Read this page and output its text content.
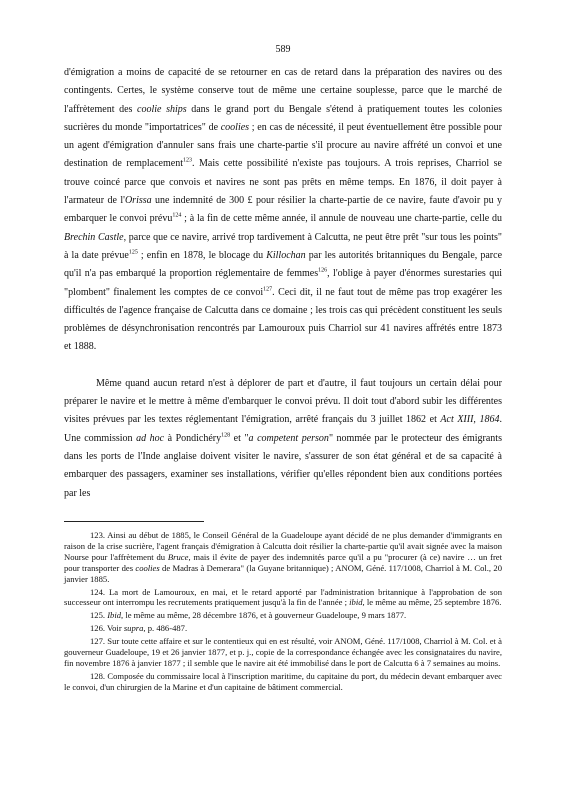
589

d'émigration a moins de capacité de se retourner en cas de retard dans la préparation des navires ou des contingents. Certes, le système conserve tout de même une certaine souplesse, parce que le marché de l'affrètement des coolie ships dans le grand port du Bengale s'étend à pratiquement toutes les colonies sucrières du monde "importatrices" de coolies ; en cas de nécessité, il peut éventuellement être possible pour un agent d'émigration d'annuler sans frais une charte-partie s'il procure au navire affrété un convoi et une destination de remplacement$^{123}$. Mais cette possibilité n'existe pas toujours. A trois reprises, Charriol se trouve coincé parce que convois et navires ne sont pas prêts en même temps. En 1876, il doit payer à l'armateur de l'Orissa une indemnité de 300 £ pour résilier la charte-partie de ce navire, faute d'avoir pu y embarquer le convoi prévu$^{124}$ ; à la fin de cette même année, il annule de nouveau une charte-partie, celle du Brechin Castle, parce que ce navire, arrivé trop tardivement à Calcutta, ne peut être prêt "sur tous les points" à la date prévue$^{125}$ ; enfin en 1878, le blocage du Killochan par les autorités britanniques du Bengale, parce qu'il n'a pas embarqué la proportion réglementaire de femmes$^{126}$, l'oblige à payer d'énormes surestaries qui "plombent" finalement les comptes de ce convoi$^{127}$. Ceci dit, il ne faut tout de même pas trop exagérer les difficultés de l'agence française de Calcutta dans ce domaine ; les trois cas qui précèdent constituent les seuls problèmes de désynchronisation rencontrés par Lamouroux puis Charriol sur 41 navires affrétés entre 1873 et 1888.

Même quand aucun retard n'est à déplorer de part et d'autre, il faut toujours un certain délai pour préparer le navire et le mettre à même d'embarquer le convoi prévu. Il doit tout d'abord subir les différentes visites prévues par les textes réglementant l'émigration, arrêté français du 3 juillet 1862 et Act XIII, 1864. Une commission ad hoc à Pondichéry$^{128}$ et "a competent person" nommée par le protecteur des émigrants dans les ports de l'Inde anglaise doivent visiter le navire, s'assurer de son état général et de sa capacité à embarquer des passagers, examiner ses installations, vérifier qu'elles répondent bien aux conditions portées par les

123. Ainsi au début de 1885, le Conseil Général de la Guadeloupe ayant décidé de ne plus demander d'immigrants en raison de la crise sucrière, l'agent français d'émigration à Calcutta doit résilier la charte-partie qu'il avait signée avec la maison Nourse pour l'affrètement du Bruce, mais il évite de payer des indemnités parce qu'il a pu "procurer (à ce) navire … un fret pour transporter des coolies de Madras à Demerara" (la Guyane britannique) ; ANOM, Géné. 117/1008, Charriol à M. Col., 20 janvier 1885.

124. La mort de Lamouroux, en mai, et le retard apporté par l'administration britannique à l'approbation de son successeur ont interrompu les recrutements pratiquement jusqu'à la fin de l'année ; ibid, le même au même, 25 septembre 1876.

125. Ibid, le même au même, 28 décembre 1876, et à gouverneur Guadeloupe, 9 mars 1877.

126. Voir supra, p. 486-487.

127. Sur toute cette affaire et sur le contentieux qui en est résulté, voir ANOM, Géné. 117/1008, Charriol à M. Col. et à gouverneur Guadeloupe, 19 et 26 janvier 1877, et p. j., copie de la correspondance échangée avec les consignataires du navire, fin novembre 1876 à janvier 1877 ; il semble que le navire ait été immobilisé dans le port de Calcutta 6 à 7 semaines au moins.

128. Composée du commissaire local à l'inscription maritime, du capitaine du port, du médecin devant embarquer avec le convoi, d'un chirurgien de la Marine et d'un capitaine de bâtiment commercial.
